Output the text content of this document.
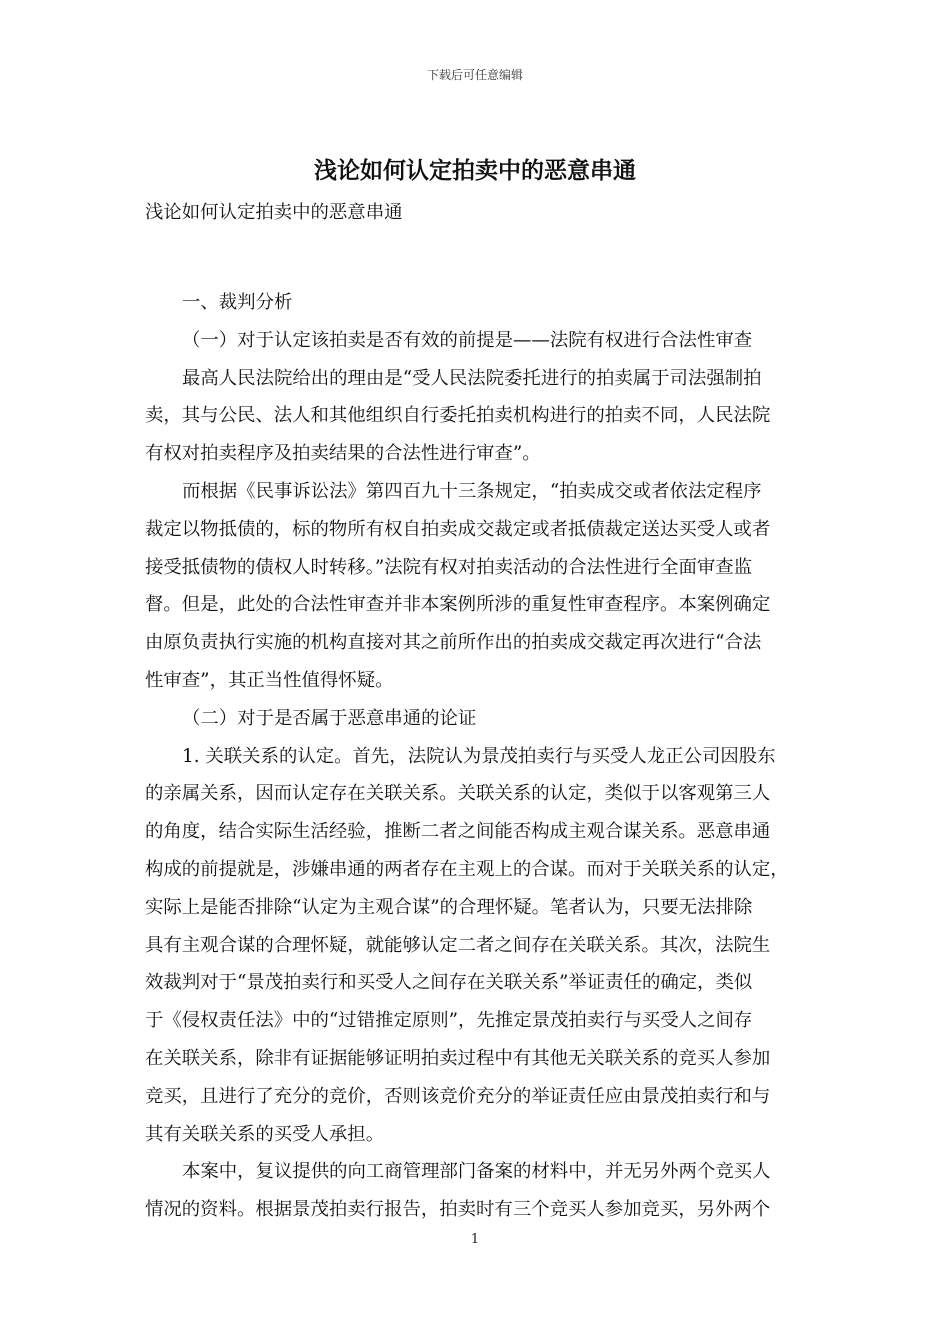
下载后可任意编辑
浅论如何认定拍卖中的恶意串通
浅论如何认定拍卖中的恶意串通
一、裁判分析
（一）对于认定该拍卖是否有效的前提是——法院有权进行合法性审查
最高人民法院给出的理由是“受人民法院委托进行的拍卖属于司法强制拍
卖，其与公民、法人和其他组织自行委托拍卖机构进行的拍卖不同，人民法院
有权对拍卖程序及拍卖结果的合法性进行审查”。
而根据《民事诉讼法》第四百九十三条规定，“拍卖成交或者依法定程序
裁定以物抵债的，标的物所有权自拍卖成交裁定或者抵债裁定送达买受人或者
接受抵债物的债权人时转移。”法院有权对拍卖活动的合法性进行全面审查监
督。但是，此处的合法性审查并非本案例所涉的重复性审查程序。本案例确定
由原负责执行实施的机构直接对其之前所作出的拍卖成交裁定再次进行“合法
性审查”，其正当性值得怀疑。
（二）对于是否属于恶意串通的论证
1. 关联关系的认定。首先，法院认为景茂拍卖行与买受人龙正公司因股东
的亲属关系，因而认定存在关联关系。关联关系的认定，类似于以客观第三人
的角度，结合实际生活经验，推断二者之间能否构成主观合谋关系。恶意串通
构成的前提就是，涉嫌串通的两者存在主观上的合谋。而对于关联关系的认定，
实际上是能否排除“认定为主观合谋”的合理怀疑。笔者认为，只要无法排除
具有主观合谋的合理怀疑，就能够认定二者之间存在关联关系。其次，法院生
效裁判对于“景茂拍卖行和买受人之间存在关联关系”举证责任的确定，类似
于《侵权责任法》中的“过错推定原则”，先推定景茂拍卖行与买受人之间存
在关联关系，除非有证据能够证明拍卖过程中有其他无关联关系的竞买人参加
竞买，且进行了充分的竞价，否则该竞价充分的举证责任应由景茂拍卖行和与
其有关联关系的买受人承担。
本案中，复议提供的向工商管理部门备案的材料中，并无另外两个竞买人
情况的资料。根据景茂拍卖行报告，拍卖时有三个竞买人参加竞买，另外两个
1
